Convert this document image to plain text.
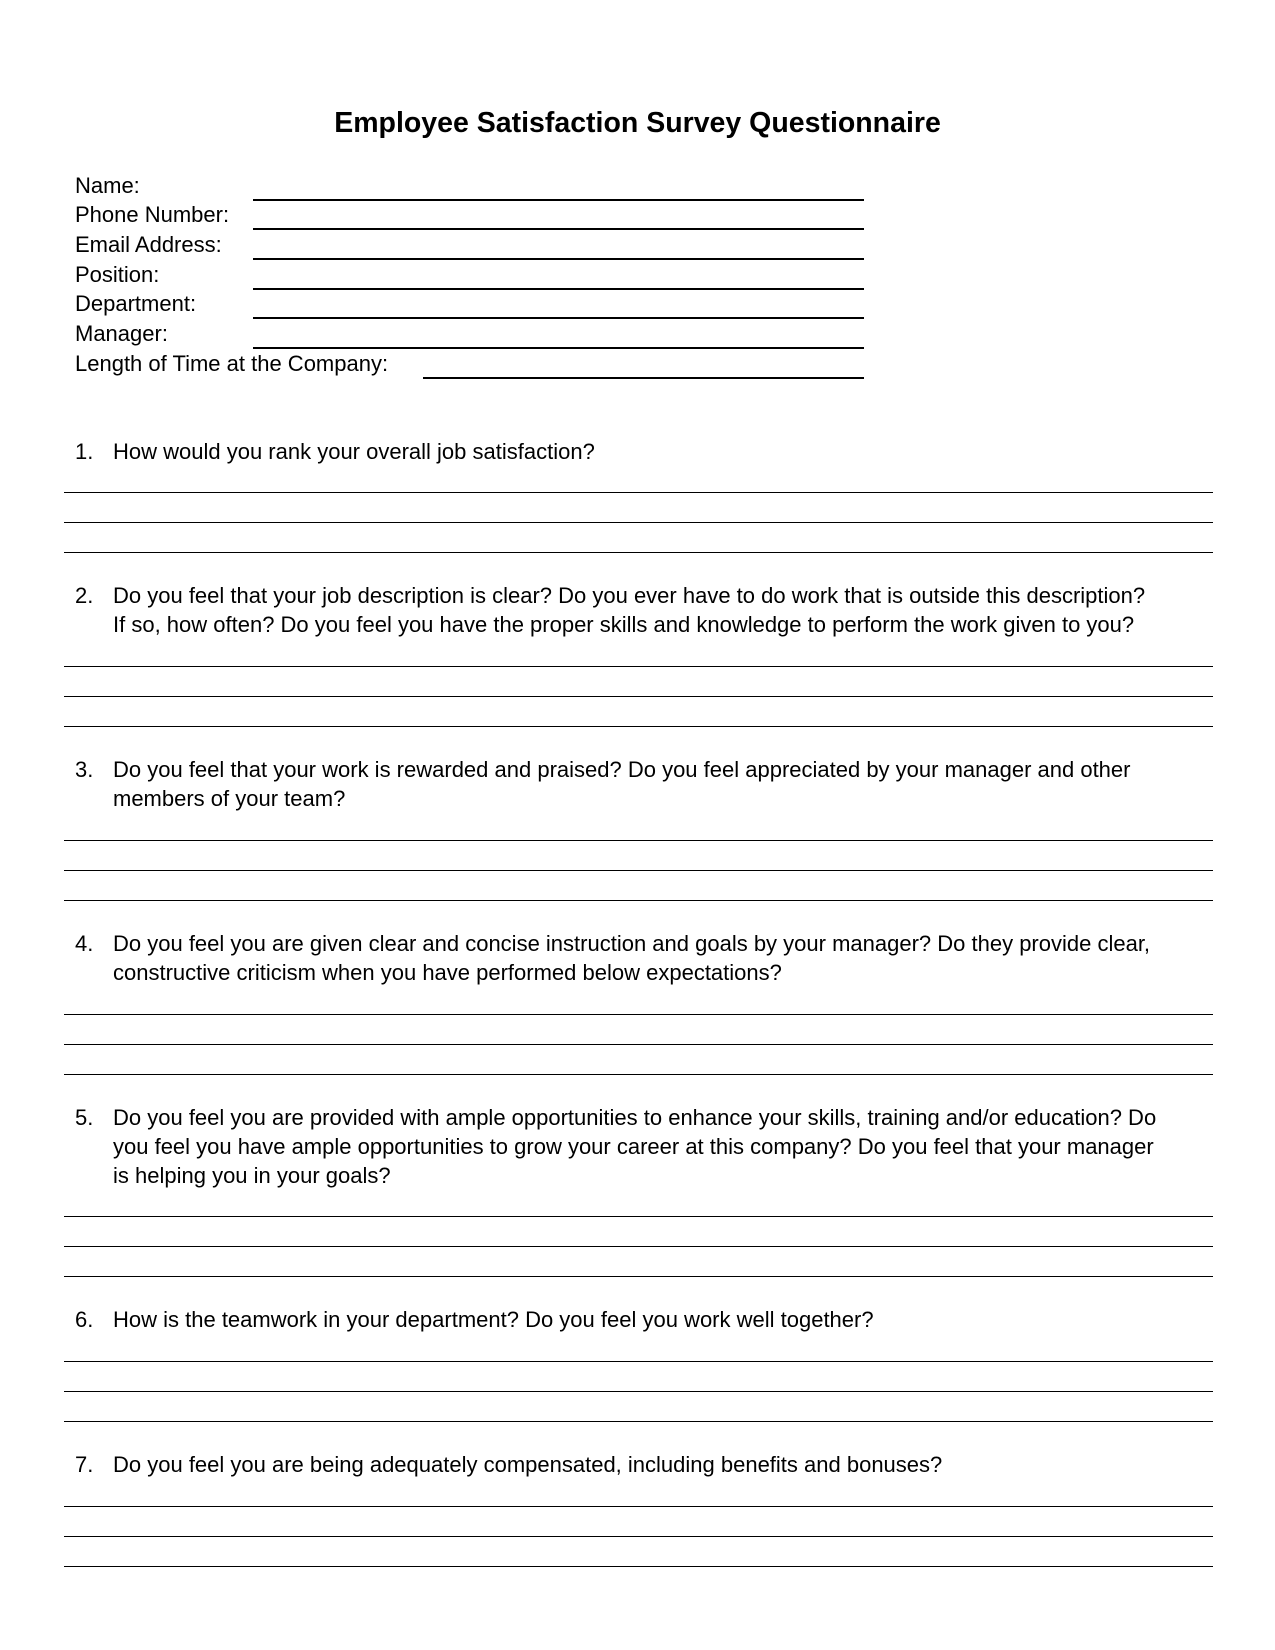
Employee Satisfaction Survey Questionnaire
Name:
Phone Number:
Email Address:
Position:
Department:
Manager:
Length of Time at the Company:
1. How would you rank your overall job satisfaction?
2. Do you feel that your job description is clear? Do you ever have to do work that is outside this description?
If so, how often? Do you feel you have the proper skills and knowledge to perform the work given to you?
3. Do you feel that your work is rewarded and praised? Do you feel appreciated by your manager and other
members of your team?
4. Do you feel you are given clear and concise instruction and goals by your manager? Do they provide clear,
constructive criticism when you have performed below expectations?
5. Do you feel you are provided with ample opportunities to enhance your skills, training and/or education? Do
you feel you have ample opportunities to grow your career at this company? Do you feel that your manager
is helping you in your goals?
6. How is the teamwork in your department? Do you feel you work well together?
7. Do you feel you are being adequately compensated, including benefits and bonuses?
